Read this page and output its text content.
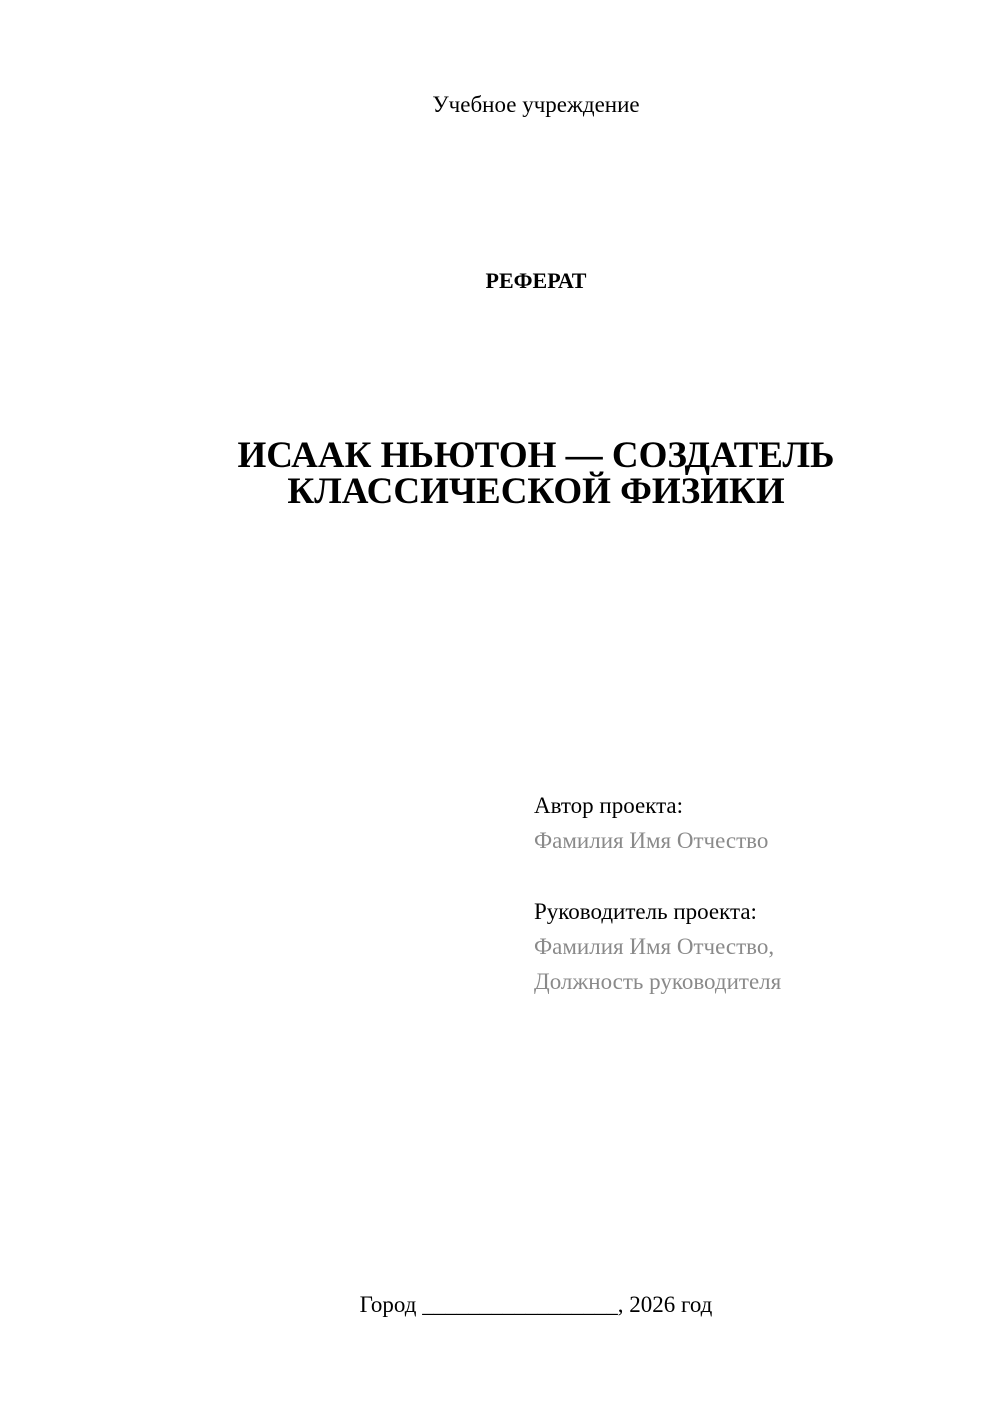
Учебное учреждение
РЕФЕРАТ
ИСААК НЬЮТОН — СОЗДАТЕЛЬ
КЛАССИЧЕСКОЙ ФИЗИКИ
Автор проекта:
Фамилия Имя Отчество
Руководитель проекта:
Фамилия Имя Отчество,
Должность руководителя
Город _________________, 2026 год
